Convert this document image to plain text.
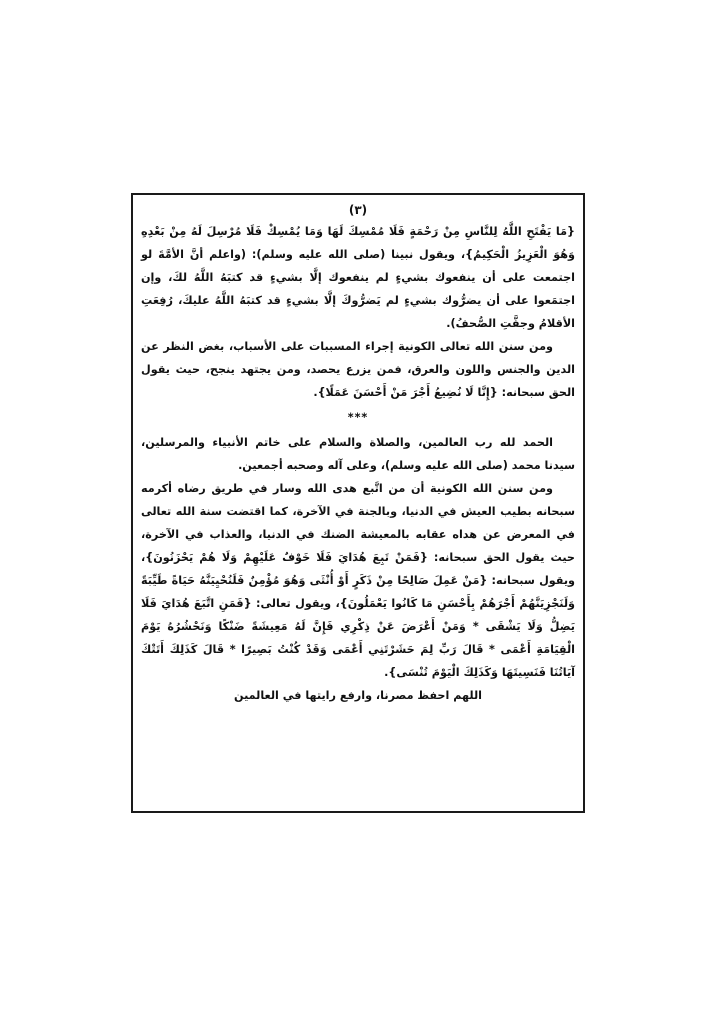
(٣)

{مَا يَفْتَحِ اللَّهُ لِلنَّاسِ مِنْ رَحْمَةٍ فَلَا مُمْسِكَ لَهَا وَمَا يُمْسِكْ فَلَا مُرْسِلَ لَهُ مِنْ بَعْدِهِ وَهُوَ الْعَزِيزُ الْحَكِيمُ}، ويقول نبينا (صلى الله عليه وسلم): (واعلم أنَّ الأمَّةَ لو اجتمعت على أن ينفعوك بشيءٍ لم ينفعوك إلَّا بشيءٍ قد كتبَهُ اللَّهُ لكَ، وإن اجتمَعوا على أن يضرُّوك بشيءٍ لم يَضرُّوكَ إلَّا بشيءٍ قد كتبَهُ اللَّهُ عليكَ، رُفِعَتِ الأقلامُ وجفَّتِ الصُّحفُ).

ومن سنن الله تعالى الكونية إجراء المسببات على الأسباب، بغض النظر عن الدين والجنس واللون والعرق، فمن يزرع يحصد، ومن يجتهد ينجح، حيث يقول الحق سبحانه: {إِنَّا لَا نُضِيعُ أَجْرَ مَنْ أَحْسَنَ عَمَلًا}.

***

الحمد لله رب العالمين، والصلاة والسلام على خاتم الأنبياء والمرسلين، سيدنا محمد (صلى الله عليه وسلم)، وعلى آله وصحبه أجمعين.

ومن سنن الله الكونية أن من اتَّبع هدى الله وسار في طريق رضاه أكرمه سبحانه بطيب العيش في الدنيا، وبالجنة في الآخرة، كما اقتضت سنة الله تعالى في المعرض عن هداه عقابه بالمعيشة الضنك في الدنيا، والعذاب في الآخرة، حيث يقول الحق سبحانه: {فَمَنْ تَبِعَ هُدَايَ فَلَا خَوْفٌ عَلَيْهِمْ وَلَا هُمْ يَحْزَنُونَ}، ويقول سبحانه: {مَنْ عَمِلَ صَالِحًا مِنْ ذَكَرٍ أَوْ أُنْثَى وَهُوَ مُؤْمِنٌ فَلَنُحْيِيَنَّهُ حَيَاةً طَيِّبَةً وَلَنَجْزِيَنَّهُمْ أَجْرَهُمْ بِأَحْسَنِ مَا كَانُوا يَعْمَلُونَ}، ويقول تعالى: {فَمَنِ اتَّبَعَ هُدَايَ فَلَا يَضِلُّ وَلَا يَشْقَى * وَمَنْ أَعْرَضَ عَنْ ذِكْرِي فَإِنَّ لَهُ مَعِيشَةً ضَنْكًا وَنَحْشُرُهُ يَوْمَ الْقِيَامَةِ أَعْمَى * قَالَ رَبِّ لِمَ حَشَرْتَنِي أَعْمَى وَقَدْ كُنْتُ بَصِيرًا * قَالَ كَذَلِكَ أَتَتْكَ آيَاتُنَا فَنَسِيتَهَا وَكَذَلِكَ الْيَوْمَ تُنْسَى}.

اللهم احفظ مصرنا، وارفع رايتها في العالمين
